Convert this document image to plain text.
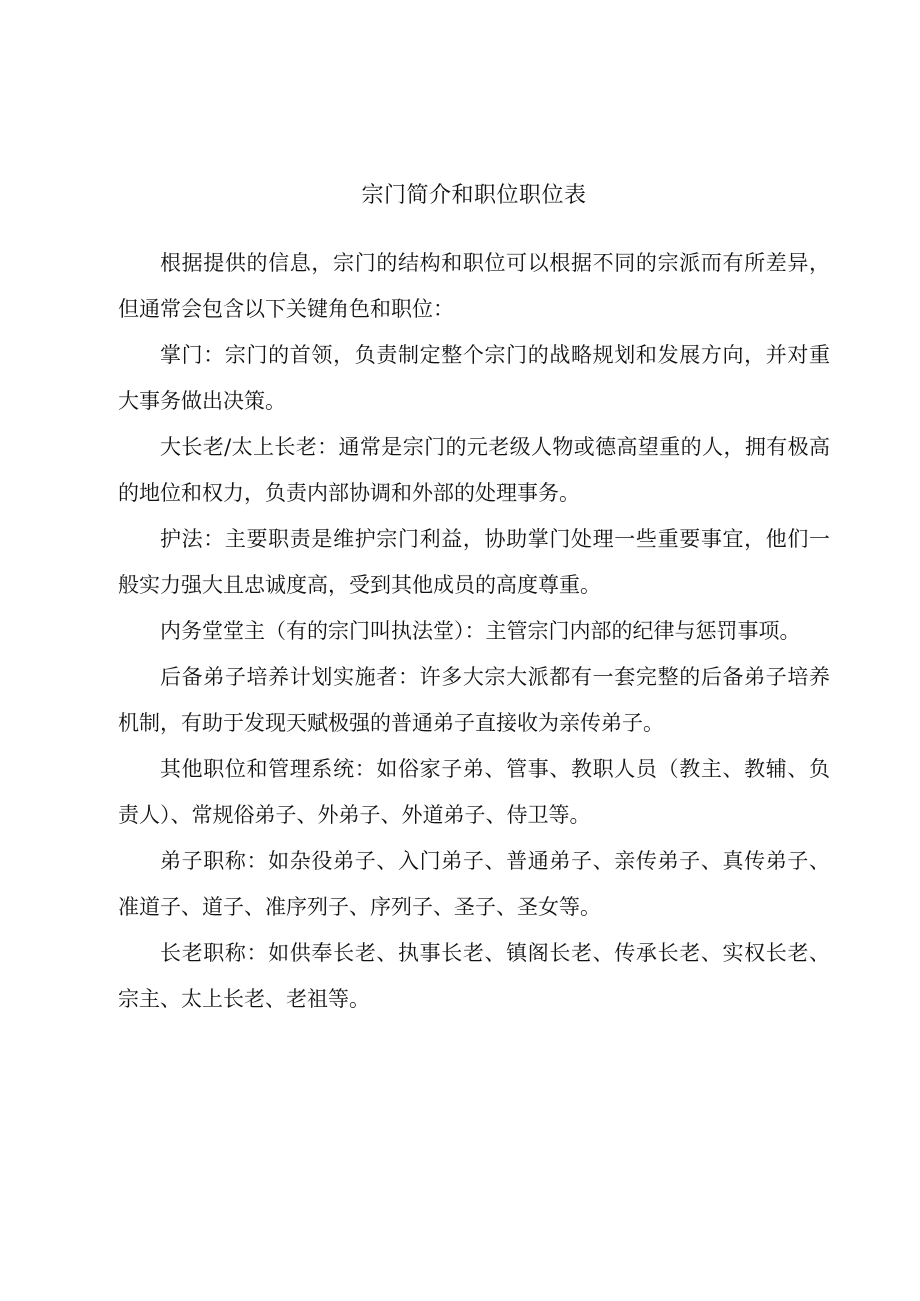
宗门简介和职位职位表

根据提供的信息，宗门的结构和职位可以根据不同的宗派而有所差异，但通常会包含以下关键角色和职位：

掌门：宗门的首领，负责制定整个宗门的战略规划和发展方向，并对重大事务做出决策。

大长老/太上长老：通常是宗门的元老级人物或德高望重的人，拥有极高的地位和权力，负责内部协调和外部的处理事务。

护法：主要职责是维护宗门利益，协助掌门处理一些重要事宜，他们一般实力强大且忠诚度高，受到其他成员的高度尊重。

内务堂堂主（有的宗门叫执法堂）：主管宗门内部的纪律与惩罚事项。

后备弟子培养计划实施者：许多大宗大派都有一套完整的后备弟子培养机制，有助于发现天赋极强的普通弟子直接收为亲传弟子。

其他职位和管理系统：如俗家子弟、管事、教职人员（教主、教辅、负责人）、常规俗弟子、外弟子、外道弟子、侍卫等。

弟子职称：如杂役弟子、入门弟子、普通弟子、亲传弟子、真传弟子、准道子、道子、准序列子、序列子、圣子、圣女等。

长老职称：如供奉长老、执事长老、镇阁长老、传承长老、实权长老、宗主、太上长老、老祖等。
